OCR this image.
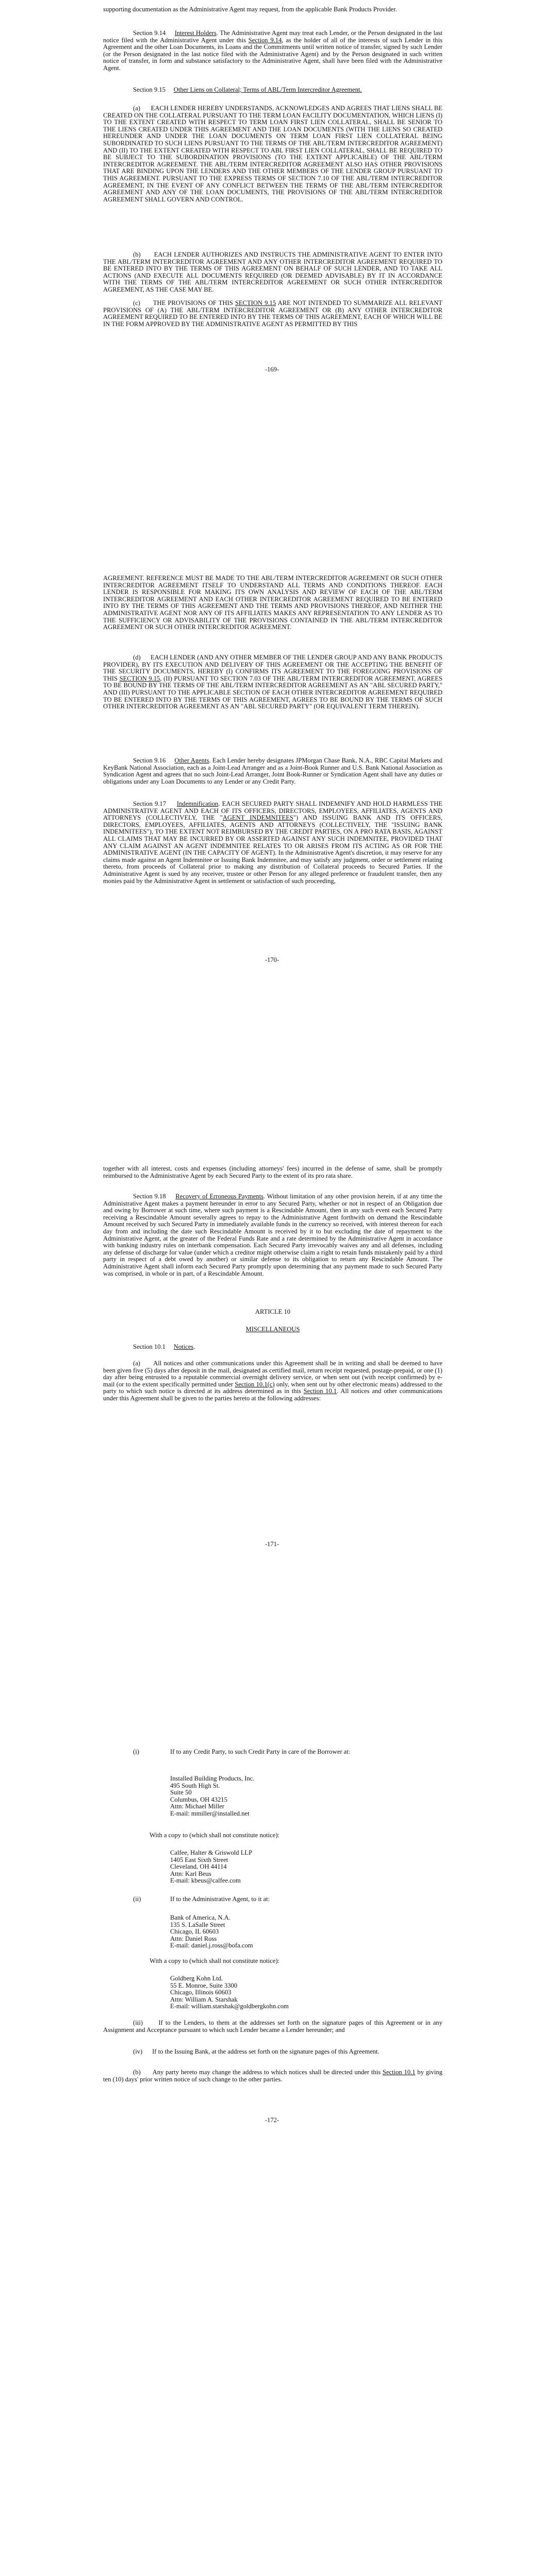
supporting documentation as the Administrative Agent may request, from the applicable Bank Products Provider.

Section 9.14 Interest Holders. The Administrative Agent may treat each Lender, or the Person designated in the last notice filed with the Administrative Agent under this Section 9.14, as the holder of all of the interests of such Lender in this Agreement and the other Loan Documents, its Loans and the Commitments until written notice of transfer, signed by such Lender (or the Person designated in the last notice filed with the Administrative Agent) and by the Person designated in such written notice of transfer, in form and substance satisfactory to the Administrative Agent, shall have been filed with the Administrative Agent.

Section 9.15 Other Liens on Collateral; Terms of ABL/Term Intercreditor Agreement.

(a)      EACH LENDER HEREBY UNDERSTANDS, ACKNOWLEDGES AND AGREES THAT LIENS SHALL BE CREATED ON THE COLLATERAL PURSUANT TO THE TERM LOAN FACILITY DOCUMENTATION, WHICH LIENS (I) TO THE EXTENT CREATED WITH RESPECT TO TERM LOAN FIRST LIEN COLLATERAL, SHALL BE SENIOR TO THE LIENS CREATED UNDER THIS AGREEMENT AND THE LOAN DOCUMENTS (WITH THE LIENS SO CREATED HEREUNDER AND UNDER THE LOAN DOCUMENTS ON TERM LOAN FIRST LIEN COLLATERAL BEING SUBORDINATED TO SUCH LIENS PURSUANT TO THE TERMS OF THE ABL/TERM INTERCREDITOR AGREEMENT) AND (II) TO THE EXTENT CREATED WITH RESPECT TO ABL FIRST LIEN COLLATERAL, SHALL BE REQUIRED TO BE SUBJECT TO THE SUBORDINATION PROVISIONS (TO THE EXTENT APPLICABLE) OF THE ABL/TERM INTERCREDITOR AGREEMENT. THE ABL/TERM INTERCREDITOR AGREEMENT ALSO HAS OTHER PROVISIONS THAT ARE BINDING UPON THE LENDERS AND THE OTHER MEMBERS OF THE LENDER GROUP PURSUANT TO THIS AGREEMENT. PURSUANT TO THE EXPRESS TERMS OF SECTION 7.10 OF THE ABL/TERM INTERCREDITOR AGREEMENT, IN THE EVENT OF ANY CONFLICT BETWEEN THE TERMS OF THE ABL/TERM INTERCREDITOR AGREEMENT AND ANY OF THE LOAN DOCUMENTS, THE PROVISIONS OF THE ABL/TERM INTERCREDITOR AGREEMENT SHALL GOVERN AND CONTROL.

(b)      EACH LENDER AUTHORIZES AND INSTRUCTS THE ADMINISTRATIVE AGENT TO ENTER INTO THE ABL/TERM INTERCREDITOR AGREEMENT AND ANY OTHER INTERCREDITOR AGREEMENT REQUIRED TO BE ENTERED INTO BY THE TERMS OF THIS AGREEMENT ON BEHALF OF SUCH LENDER, AND TO TAKE ALL ACTIONS (AND EXECUTE ALL DOCUMENTS REQUIRED (OR DEEMED ADVISABLE) BY IT IN ACCORDANCE WITH THE TERMS OF THE ABL/TERM INTERCREDITOR AGREEMENT OR SUCH OTHER INTERCREDITOR AGREEMENT, AS THE CASE MAY BE.

(c)      THE PROVISIONS OF THIS SECTION 9.15 ARE NOT INTENDED TO SUMMARIZE ALL RELEVANT PROVISIONS OF (A) THE ABL/TERM INTERCREDITOR AGREEMENT OR (B) ANY OTHER INTERCREDITOR AGREEMENT REQUIRED TO BE ENTERED INTO BY THE TERMS OF THIS AGREEMENT, EACH OF WHICH WILL BE IN THE FORM APPROVED BY THE ADMINISTRATIVE AGENT AS PERMITTED BY THIS

-169-

AGREEMENT. REFERENCE MUST BE MADE TO THE ABL/TERM INTERCREDITOR AGREEMENT OR SUCH OTHER INTERCREDITOR AGREEMENT ITSELF TO UNDERSTAND ALL TERMS AND CONDITIONS THEREOF. EACH LENDER IS RESPONSIBLE FOR MAKING ITS OWN ANALYSIS AND REVIEW OF EACH OF THE ABL/TERM INTERCREDITOR AGREEMENT AND EACH OTHER INTERCREDITOR AGREEMENT REQUIRED TO BE ENTERED INTO BY THE TERMS OF THIS AGREEMENT AND THE TERMS AND PROVISIONS THEREOF, AND NEITHER THE ADMINISTRATIVE AGENT NOR ANY OF ITS AFFILIATES MAKES ANY REPRESENTATION TO ANY LENDER AS TO THE SUFFICIENCY OR ADVISABILITY OF THE PROVISIONS CONTAINED IN THE ABL/TERM INTERCREDITOR AGREEMENT OR SUCH OTHER INTERCREDITOR AGREEMENT.

(d)      EACH LENDER (AND ANY OTHER MEMBER OF THE LENDER GROUP AND ANY BANK PRODUCTS PROVIDER), BY ITS EXECUTION AND DELIVERY OF THIS AGREEMENT OR THE ACCEPTING THE BENEFIT OF THE SECURITY DOCUMENTS, HEREBY (I) CONFIRMS ITS AGREEMENT TO THE FOREGOING PROVISIONS OF THIS SECTION 9.15, (II) PURSUANT TO SECTION 7.03 OF THE ABL/TERM INTERCREDITOR AGREEMENT, AGREES TO BE BOUND BY THE TERMS OF THE ABL/TERM INTERCREDITOR AGREEMENT AS AN "ABL SECURED PARTY," AND (III) PURSUANT TO THE APPLICABLE SECTION OF EACH OTHER INTERCREDITOR AGREEMENT REQUIRED TO BE ENTERED INTO BY THE TERMS OF THIS AGREEMENT, AGREES TO BE BOUND BY THE TERMS OF SUCH OTHER INTERCREDITOR AGREEMENT AS AN "ABL SECURED PARTY" (OR EQUIVALENT TERM THEREIN).

Section 9.16 Other Agents. Each Lender hereby designates JPMorgan Chase Bank, N.A., RBC Capital Markets and KeyBank National Association, each as a Joint-Lead Arranger and as a Joint-Book Runner and U.S. Bank National Association as Syndication Agent and agrees that no such Joint-Lead Arranger, Joint Book-Runner or Syndication Agent shall have any duties or obligations under any Loan Documents to any Lender or any Credit Party.

Section 9.17 Indemnification. EACH SECURED PARTY SHALL INDEMNIFY AND HOLD HARMLESS THE ADMINISTRATIVE AGENT AND EACH OF ITS OFFICERS, DIRECTORS, EMPLOYEES, AFFILIATES, AGENTS AND ATTORNEYS (COLLECTIVELY, THE "AGENT INDEMNITEES") AND ISSUING BANK AND ITS OFFICERS, DIRECTORS, EMPLOYEES, AFFILIATES, AGENTS AND ATTORNEYS (COLLECTIVELY, THE "ISSUING BANK INDEMNITEES"), TO THE EXTENT NOT REIMBURSED BY THE CREDIT PARTIES, ON A PRO RATA BASIS, AGAINST ALL CLAIMS THAT MAY BE INCURRED BY OR ASSERTED AGAINST ANY SUCH INDEMNITEE, PROVIDED THAT ANY CLAIM AGAINST AN AGENT INDEMNITEE RELATES TO OR ARISES FROM ITS ACTING AS OR FOR THE ADMINISTRATIVE AGENT (IN THE CAPACITY OF AGENT). In the Administrative Agent's discretion, it may reserve for any claims made against an Agent Indemnitee or Issuing Bank Indemnitee, and may satisfy any judgment, order or settlement relating thereto, from proceeds of Collateral prior to making any distribution of Collateral proceeds to Secured Parties. If the Administrative Agent is sued by any receiver, trustee or other Person for any alleged preference or fraudulent transfer, then any monies paid by the Administrative Agent in settlement or satisfaction of such proceeding,

-170-

together with all interest, costs and expenses (including attorneys' fees) incurred in the defense of same, shall be promptly reimbursed to the Administrative Agent by each Secured Party to the extent of its pro rata share.

Section 9.18 Recovery of Erroneous Payments. Without limitation of any other provision herein, if at any time the Administrative Agent makes a payment hereunder in error to any Secured Party, whether or not in respect of an Obligation due and owing by Borrower at such time, where such payment is a Rescindable Amount, then in any such event each Secured Party receiving a Rescindable Amount severally agrees to repay to the Administrative Agent forthwith on demand the Rescindable Amount received by such Secured Party in immediately available funds in the currency so received, with interest thereon for each day from and including the date such Rescindable Amount is received by it to but excluding the date of repayment to the Administrative Agent, at the greater of the Federal Funds Rate and a rate determined by the Administrative Agent in accordance with banking industry rules on interbank compensation. Each Secured Party irrevocably waives any and all defenses, including any defense of discharge for value (under which a creditor might otherwise claim a right to retain funds mistakenly paid by a third party in respect of a debt owed by another) or similar defense to its obligation to return any Rescindable Amount. The Administrative Agent shall inform each Secured Party promptly upon determining that any payment made to such Secured Party was comprised, in whole or in part, of a Rescindable Amount.

ARTICLE 10

MISCELLANEOUS

Section 10.1 Notices.

(a)      All notices and other communications under this Agreement shall be in writing and shall be deemed to have been given five (5) days after deposit in the mail, designated as certified mail, return receipt requested, postage-prepaid, or one (1) day after being entrusted to a reputable commercial overnight delivery service, or when sent out (with receipt confirmed) by e-mail (or to the extent specifically permitted under Section 10.1(c) only, when sent out by other electronic means) addressed to the party to which such notice is directed at its address determined as in this Section 10.1. All notices and other communications under this Agreement shall be given to the parties hereto at the following addresses:

-171-
(i)	If to any Credit Party, to such Credit Party in care of the Borrower at:

Installed Building Products, Inc.
495 South High St.
Suite 50
Columbus, OH 43215
Attn: Michael Miller
E-mail: mmiller@installed.net

With a copy to (which shall not constitute notice):

Calfee, Halter & Griswold LLP
1405 East Sixth Street
Cleveland, OH 44114
Attn: Karl Beus
E-mail: kbeus@calfee.com
(ii)	If to the Administrative Agent, to it at:

Bank of America, N.A.
135 S. LaSalle Street
Chicago, IL 60603
Attn: Daniel Ross
E-mail: daniel.j.ross@bofa.com

With a copy to (which shall not constitute notice):

Goldberg Kohn Ltd.
55 E. Monroe, Suite 3300
Chicago, Illinois 60603
Attn: William A. Starshak
E-mail: william.starshak@goldbergkohn.com

(iii) If to the Lenders, to them at the addresses set forth on the signature pages of this Agreement or in any Assignment and Acceptance pursuant to which such Lender became a Lender hereunder; and

(iv) If to the Issuing Bank, at the address set forth on the signature pages of this Agreement.

(b)      Any party hereto may change the address to which notices shall be directed under this Section 10.1 by giving ten (10) days' prior written notice of such change to the other parties.

-172-
